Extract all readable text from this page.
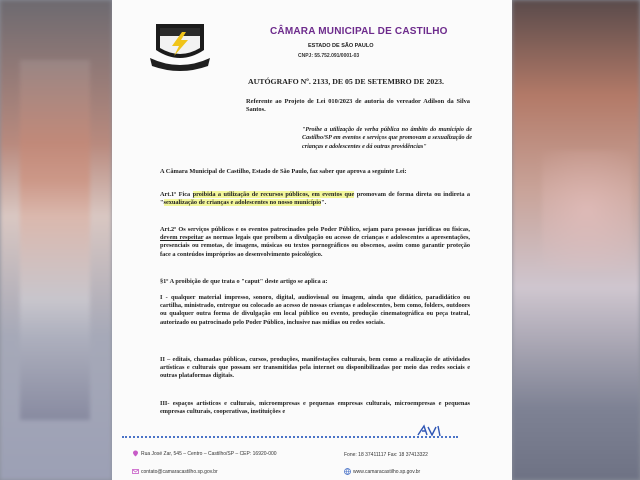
CÂMARA MUNICIPAL DE CASTILHO
ESTADO DE SÃO PAULO
CNPJ: 55.752.091/0001-03
AUTÓGRAFO Nº. 2133, DE 05 DE SETEMBRO DE 2023.
Referente ao Projeto de Lei 010/2023 de autoria do vereador Adilson da Silva Santos.
"Proíbe a utilização de verba pública no âmbito do município de Castilho/SP em eventos e serviços que promovam a sexualização de crianças e adolescentes e dá outras providências"
A Câmara Municipal de Castilho, Estado de São Paulo, faz saber que aprova a seguinte Lei:
Art.1º Fica proibida a utilização de recursos públicos, em eventos que promovam de forma direta ou indireta a "sexualização de crianças e adolescentes no nosso município".
Art.2º Os serviços públicos e os eventos patrocinados pelo Poder Público, sejam para pessoas jurídicas ou físicas, devem respeitar as normas legais que proíbem a divulgação ou acesso de crianças e adolescentes a apresentações, presenciais ou remotas, de imagens, músicas ou textos pornográficos ou obscenos, assim como garantir proteção face a conteúdos impróprios ao desenvolvimento psicológico.
§1º A proibição de que trata o "caput" deste artigo se aplica a:
I - qualquer material impresso, sonoro, digital, audiovisual ou imagem, ainda que didático, paradidático ou cartilha, ministrado, entregue ou colocado ao acesso de nossas crianças e adolescentes, bem como, folders, outdoors ou qualquer outra forma de divulgação em local público ou evento, produção cinematográfica ou peça teatral, autorizado ou patrocinado pelo Poder Público, inclusive nas mídias ou redes sociais.
II – editais, chamadas públicas, cursos, produções, manifestações culturais, bem como a realização de atividades artísticas e culturais que possam ser transmitidas pela internet ou disponibilizadas por meio das redes sociais e outras plataformas digitais.
III- espaços artísticos e culturais, microempresas e pequenas empresas culturais, microempresas e pequenas empresas culturais, cooperativas, instituições e
Rua José Zar, 545 – Centro – Castilho/SP – CEP: 16920-000	Fone: 18 37411117 Fax: 18 37413322
contato@camaracastilho.sp.gov.br	www.camaracastilho.sp.gov.br
